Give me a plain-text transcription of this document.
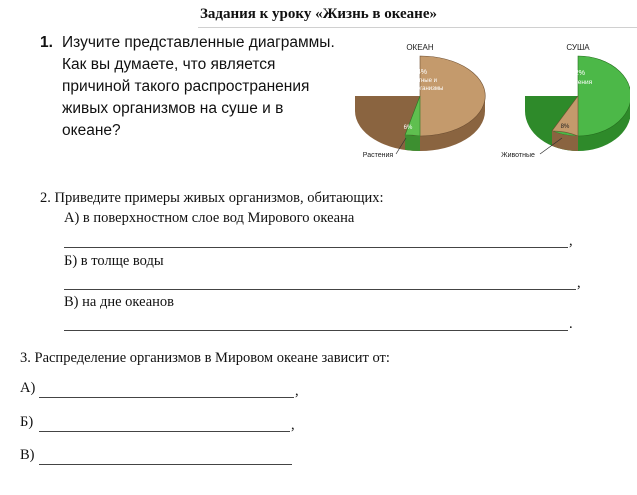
Задания к уроку «Жизнь в океане»
1. Изучите представленные диаграммы. Как вы думаете, что является причиной такого распространения живых организмов на суше и в океане?
ОКЕАН
94%
Животные и
микроорганизмы
6%
Растения
СУША
92%
Растения
8%
Животные
2. Приведите примеры живых организмов, обитающих:
А) в поверхностном слое вод Мирового океана
,
Б) в толще воды
,
В) на дне океанов
.
3. Распределение организмов в Мировом океане зависит от:
А)	,
Б)	,
В)
